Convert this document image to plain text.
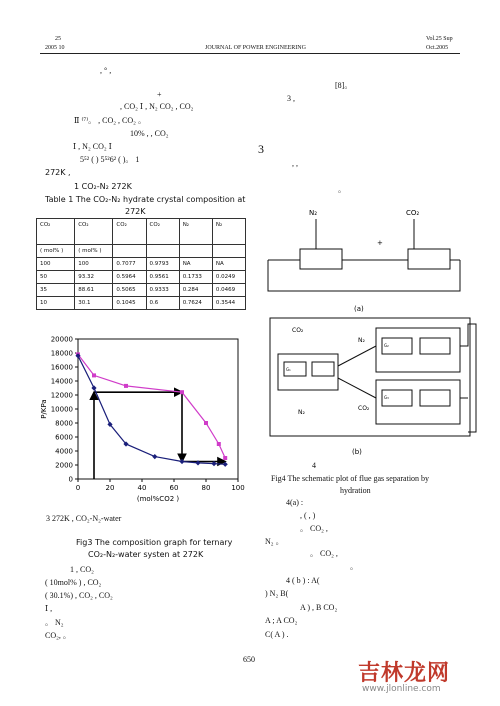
25
2005 10	JOURNAL OF POWER ENGINEERING
Vol.25 Sup
Oct.2005
, ° ,
+
, CO₂ Ⅰ , N₂ CO₂ , CO₂
Ⅱ ⁽⁷⁾。 , CO₂ , CO₂ 。
10% , , CO₂
Ⅰ , N₂ CO₂ Ⅰ
5⁵² ( ) 5⁵²6² ( )。 1
272K ,
1 CO₂-N₂ 272K
Table 1 The CO₂-N₂ hydrate crystal composition at
272K
CO₂	CO₂	CO₂	CO₂	N₂	N₂
( mol% )	( mol% )				
100	100	0.7077	0.9793	NA	NA
50	93.32	0.5964	0.9561	0.1733	0.0249
35	88.61	0.5065	0.9333	0.284	0.0469
10	30.1	0.1045	0.6	0.7624	0.3544
0
2000
4000
6000
8000
10000
12000
14000
16000
18000
20000
0	20	40	60	80	100
P/KPa
(mol%CO2 )
3 272K , CO₂-N₂-water
Fig3 The composition graph for ternary
CO₂-N₂-water systen at 272K
1 , CO₂
( 10mol% ) , CO₂
( 30.1%) , CO₂ , CO₂
Ⅰ ,
。 N₂
CO₂, 。
[8]。
3 ,
3
, ,
。
N₂	CO₂
+
(a)
CO₂
N₂
G₁
N₂
G₂
G₃
CO₂
(b)
4
Fig4 The schematic plot of flue gas separation by
hydration
4(a) :
, ( , )
。 CO₂ ,
N₂ 。
。 CO₂ ,
。
4 ( b ) : A(
) N₂ B(
A ) , B CO₂
A ; A CO₂
C( A ) .
650
吉林龙网
www.jlonline.com
